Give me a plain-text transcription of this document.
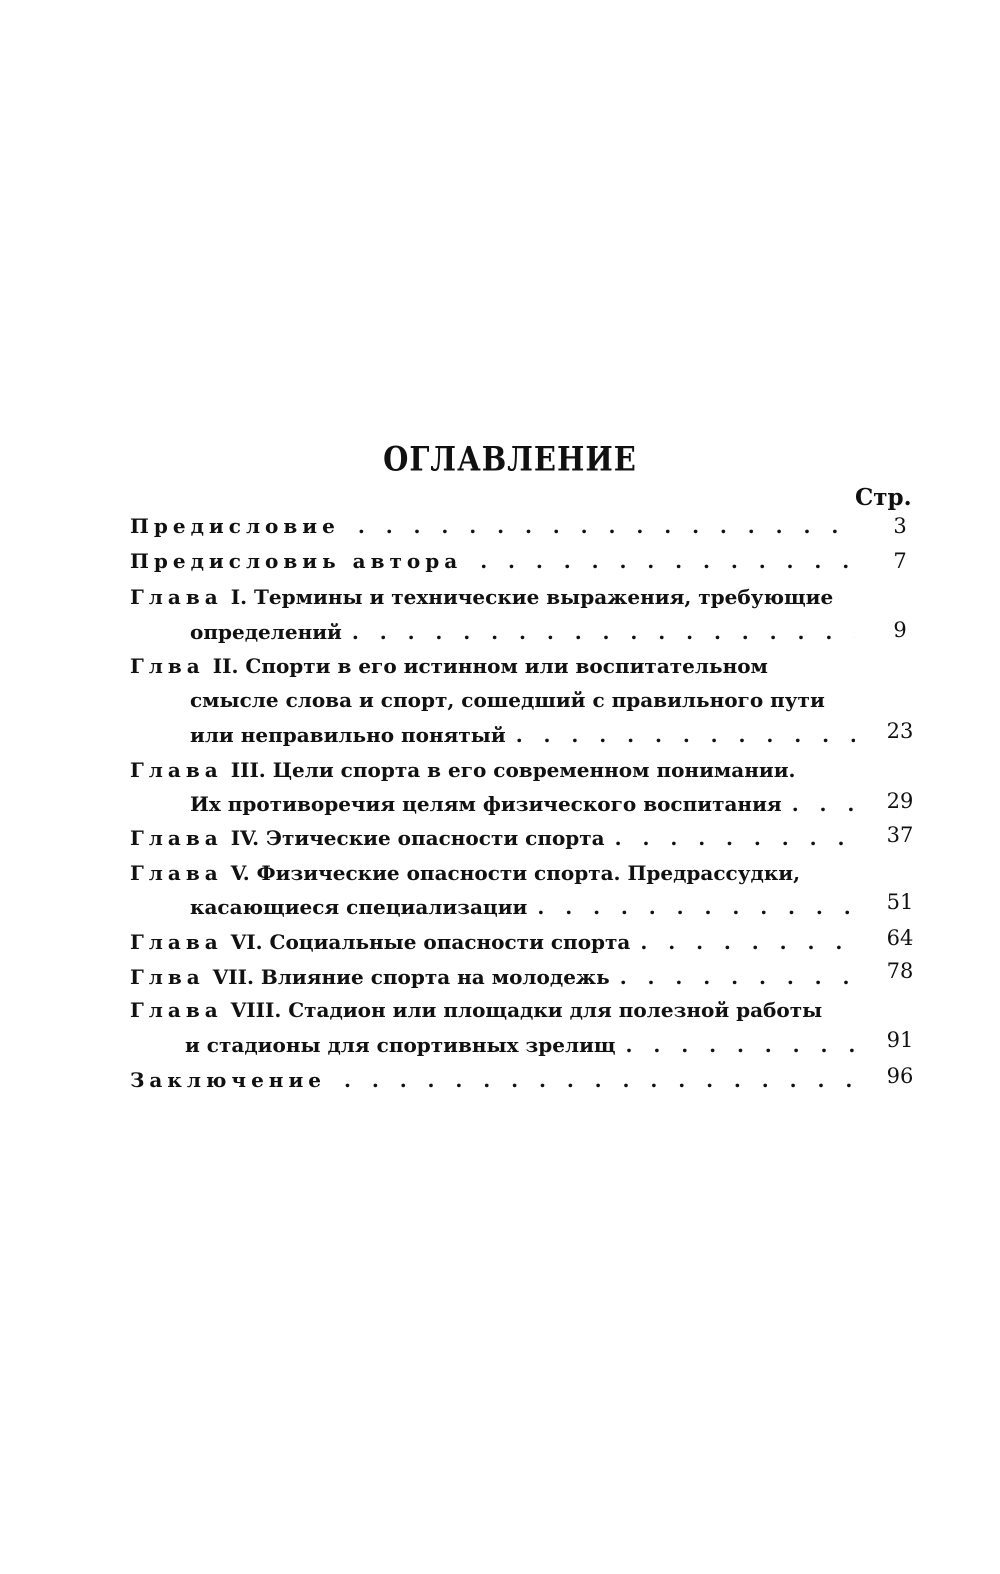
ОГЛАВЛЕНИЕ
Стр.
Предисловие .   .	3
Предисловиь автора .   .	7
Глава I. Термины и технические выражения, требующие
определений .   .	9
Глва II. Спорти в его истинном или воспитательном
смысле слова и спорт, сошедший с правильного пути
или неправильно понятый .   .	23
Глава III. Цели спорта в его современном понимании.
Их противоречия целям физического воспитания .   .	29
Глава IV. Этические опасности спорта .   .	37
Глава V. Физические опасности спорта. Предрассудки,
касающиеся специализации .   .	51
Глава VI. Социальные опасности спорта .   .	64
Глва VII. Влияние спорта на молодежь .   .	78
Глава VIII. Стадион или площадки для полезной работы
и стадионы для спортивных зрелищ .   .	91
Заключение .   .	96
